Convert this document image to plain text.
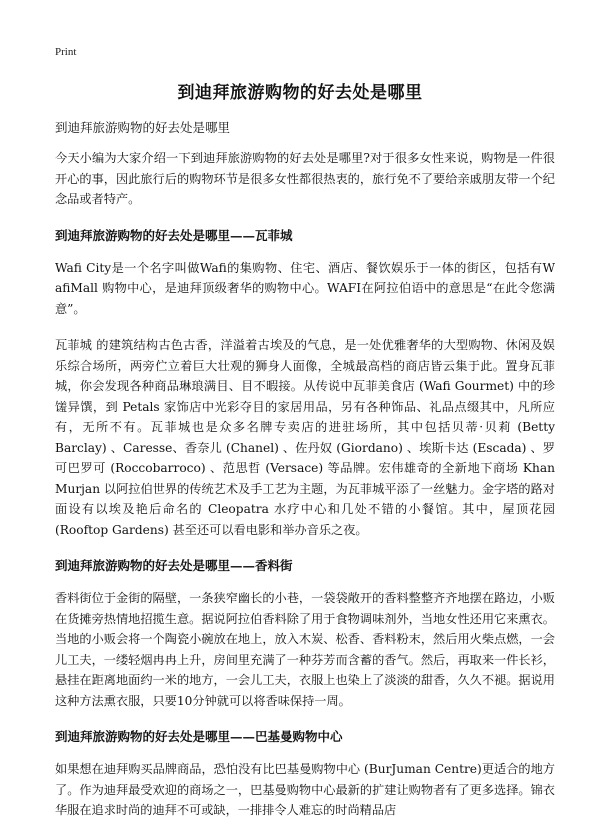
Print
到迪拜旅游购物的好去处是哪里

到迪拜旅游购物的好去处是哪里

今天小编为大家介绍一下到迪拜旅游购物的好去处是哪里?对于很多女性来说，购物是一件很开心的事，因此旅行后的购物环节是很多女性都很热衷的，旅行免不了要给亲戚朋友带一个纪念品或者特产。

到迪拜旅游购物的好去处是哪里——瓦菲城

Wafi City是一个名字叫做Wafi的集购物、住宅、酒店、餐饮娱乐于一体的街区，包括有W afiMall 购物中心，是迪拜顶级奢华的购物中心。WAFI在阿拉伯语中的意思是“在此令您满意”。

瓦菲城 的建筑结构古色古香，洋溢着古埃及的气息，是一处优雅奢华的大型购物、休闲及娱乐综合场所，两旁伫立着巨大壮观的狮身人面像，全城最高档的商店皆云集于此。置身瓦菲城，你会发现各种商品琳琅满目、目不暇接。从传说中瓦菲美食店 (Wafi Gourmet) 中的珍馐异馔，到 Petals 家饰店中光彩夺目的家居用品，另有各种饰品、礼品点缀其中，凡所应有，无所不有。瓦菲城也是众多名牌专卖店的进驻场所，其中包括贝蒂·贝莉 (Betty Barclay) 、Caresse、香奈儿 (Chanel) 、佐丹奴 (Giordano) 、埃斯卡达 (Escada) 、罗可巴罗可 (Roccobarroco) 、范思哲 (Versace) 等品牌。宏伟雄奇的全新地下商场 Khan Murjan 以阿拉伯世界的传统艺术及手工艺为主题，为瓦菲城平添了一丝魅力。金字塔的路对面设有以埃及艳后命名的 Cleopatra 水疗中心和几处不错的小餐馆。其中，屋顶花园 (Rooftop Gardens) 甚至还可以看电影和举办音乐之夜。

到迪拜旅游购物的好去处是哪里——香料街

香料街位于金街的隔壁，一条狭窄幽长的小巷，一袋袋敞开的香料整整齐齐地摆在路边，小贩在货摊旁热情地招揽生意。据说阿拉伯香料除了用于食物调味剂外，当地女性还用它来熏衣。当地的小贩会将一个陶瓷小碗放在地上，放入木炭、松香、香料粉末，然后用火柴点燃，一会儿工夫，一缕轻烟冉冉上升，房间里充满了一种芬芳而含蓄的香气。然后，再取来一件长衫，悬挂在距离地面约一米的地方，一会儿工夫，衣服上也染上了淡淡的甜香，久久不褪。据说用这种方法熏衣服，只要10分钟就可以将香味保持一周。

到迪拜旅游购物的好去处是哪里——巴基曼购物中心

如果想在迪拜购买品牌商品，恐怕没有比巴基曼购物中心 (BurJuman Centre)更适合的地方了。作为迪拜最受欢迎的商场之一，巴基曼购物中心最新的扩建让购物者有了更多选择。锦衣华服在追求时尚的迪拜不可或缺，一排排令人难忘的时尚精品店
